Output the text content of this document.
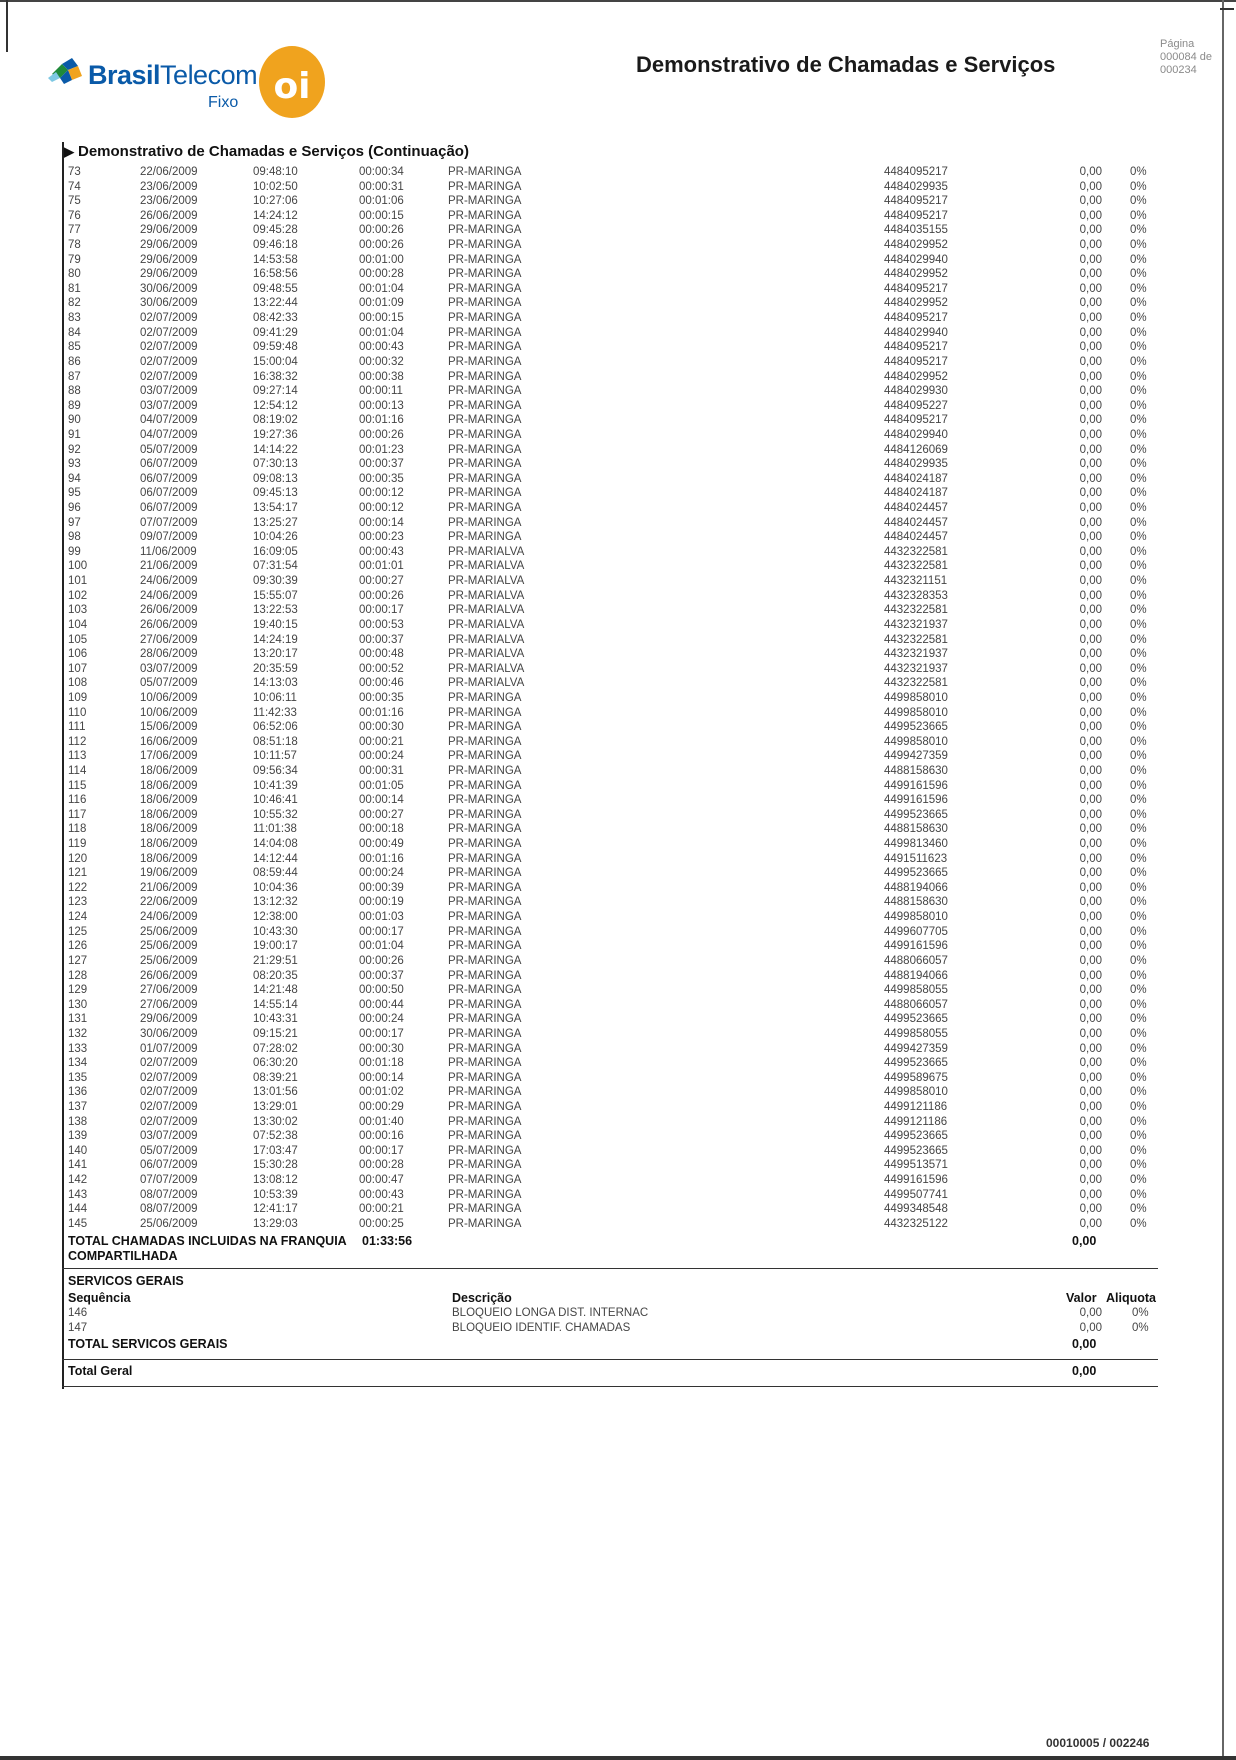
BrasilTelecom
Fixo oi
Demonstrativo de Chamadas e Serviços
Página
000084 de
000234
▶ Demonstrativo de Chamadas e Serviços (Continuação)
73	22/06/2009	09:48:10	00:00:34	PR-MARINGA	4484095217	0,00 0%
74	23/06/2009	10:02:50	00:00:31	PR-MARINGA	4484029935	0,00 0%
75	23/06/2009	10:27:06	00:01:06	PR-MARINGA	4484095217	0,00 0%
76	26/06/2009	14:24:12	00:00:15	PR-MARINGA	4484095217	0,00 0%
77	29/06/2009	09:45:28	00:00:26	PR-MARINGA	4484035155	0,00 0%
78	29/06/2009	09:46:18	00:00:26	PR-MARINGA	4484029952	0,00 0%
79	29/06/2009	14:53:58	00:01:00	PR-MARINGA	4484029940	0,00 0%
80	29/06/2009	16:58:56	00:00:28	PR-MARINGA	4484029952	0,00 0%
81	30/06/2009	09:48:55	00:01:04	PR-MARINGA	4484095217	0,00 0%
82	30/06/2009	13:22:44	00:01:09	PR-MARINGA	4484029952	0,00 0%
83	02/07/2009	08:42:33	00:00:15	PR-MARINGA	4484095217	0,00 0%
84	02/07/2009	09:41:29	00:01:04	PR-MARINGA	4484029940	0,00 0%
85	02/07/2009	09:59:48	00:00:43	PR-MARINGA	4484095217	0,00 0%
86	02/07/2009	15:00:04	00:00:32	PR-MARINGA	4484095217	0,00 0%
87	02/07/2009	16:38:32	00:00:38	PR-MARINGA	4484029952	0,00 0%
88	03/07/2009	09:27:14	00:00:11	PR-MARINGA	4484029930	0,00 0%
89	03/07/2009	12:54:12	00:00:13	PR-MARINGA	4484095227	0,00 0%
90	04/07/2009	08:19:02	00:01:16	PR-MARINGA	4484095217	0,00 0%
91	04/07/2009	19:27:36	00:00:26	PR-MARINGA	4484029940	0,00 0%
92	05/07/2009	14:14:22	00:01:23	PR-MARINGA	4484126069	0,00 0%
93	06/07/2009	07:30:13	00:00:37	PR-MARINGA	4484029935	0,00 0%
94	06/07/2009	09:08:13	00:00:35	PR-MARINGA	4484024187	0,00 0%
95	06/07/2009	09:45:13	00:00:12	PR-MARINGA	4484024187	0,00 0%
96	06/07/2009	13:54:17	00:00:12	PR-MARINGA	4484024457	0,00 0%
97	07/07/2009	13:25:27	00:00:14	PR-MARINGA	4484024457	0,00 0%
98	09/07/2009	10:04:26	00:00:23	PR-MARINGA	4484024457	0,00 0%
99	11/06/2009	16:09:05	00:00:43	PR-MARIALVA	4432322581	0,00 0%
100	21/06/2009	07:31:54	00:01:01	PR-MARIALVA	4432322581	0,00 0%
101	24/06/2009	09:30:39	00:00:27	PR-MARIALVA	4432321151	0,00 0%
102	24/06/2009	15:55:07	00:00:26	PR-MARIALVA	4432328353	0,00 0%
103	26/06/2009	13:22:53	00:00:17	PR-MARIALVA	4432322581	0,00 0%
104	26/06/2009	19:40:15	00:00:53	PR-MARIALVA	4432321937	0,00 0%
105	27/06/2009	14:24:19	00:00:37	PR-MARIALVA	4432322581	0,00 0%
106	28/06/2009	13:20:17	00:00:48	PR-MARIALVA	4432321937	0,00 0%
107	03/07/2009	20:35:59	00:00:52	PR-MARIALVA	4432321937	0,00 0%
108	05/07/2009	14:13:03	00:00:46	PR-MARIALVA	4432322581	0,00 0%
109	10/06/2009	10:06:11	00:00:35	PR-MARINGA	4499858010	0,00 0%
110	10/06/2009	11:42:33	00:01:16	PR-MARINGA	4499858010	0,00 0%
111	15/06/2009	06:52:06	00:00:30	PR-MARINGA	4499523665	0,00 0%
112	16/06/2009	08:51:18	00:00:21	PR-MARINGA	4499858010	0,00 0%
113	17/06/2009	10:11:57	00:00:24	PR-MARINGA	4499427359	0,00 0%
114	18/06/2009	09:56:34	00:00:31	PR-MARINGA	4488158630	0,00 0%
115	18/06/2009	10:41:39	00:01:05	PR-MARINGA	4499161596	0,00 0%
116	18/06/2009	10:46:41	00:00:14	PR-MARINGA	4499161596	0,00 0%
117	18/06/2009	10:55:32	00:00:27	PR-MARINGA	4499523665	0,00 0%
118	18/06/2009	11:01:38	00:00:18	PR-MARINGA	4488158630	0,00 0%
119	18/06/2009	14:04:08	00:00:49	PR-MARINGA	4499813460	0,00 0%
120	18/06/2009	14:12:44	00:01:16	PR-MARINGA	4491511623	0,00 0%
121	19/06/2009	08:59:44	00:00:24	PR-MARINGA	4499523665	0,00 0%
122	21/06/2009	10:04:36	00:00:39	PR-MARINGA	4488194066	0,00 0%
123	22/06/2009	13:12:32	00:00:19	PR-MARINGA	4488158630	0,00 0%
124	24/06/2009	12:38:00	00:01:03	PR-MARINGA	4499858010	0,00 0%
125	25/06/2009	10:43:30	00:00:17	PR-MARINGA	4499607705	0,00 0%
126	25/06/2009	19:00:17	00:01:04	PR-MARINGA	4499161596	0,00 0%
127	25/06/2009	21:29:51	00:00:26	PR-MARINGA	4488066057	0,00 0%
128	26/06/2009	08:20:35	00:00:37	PR-MARINGA	4488194066	0,00 0%
129	27/06/2009	14:21:48	00:00:50	PR-MARINGA	4499858055	0,00 0%
130	27/06/2009	14:55:14	00:00:44	PR-MARINGA	4488066057	0,00 0%
131	29/06/2009	10:43:31	00:00:24	PR-MARINGA	4499523665	0,00 0%
132	30/06/2009	09:15:21	00:00:17	PR-MARINGA	4499858055	0,00 0%
133	01/07/2009	07:28:02	00:00:30	PR-MARINGA	4499427359	0,00 0%
134	02/07/2009	06:30:20	00:01:18	PR-MARINGA	4499523665	0,00 0%
135	02/07/2009	08:39:21	00:00:14	PR-MARINGA	4499589675	0,00 0%
136	02/07/2009	13:01:56	00:01:02	PR-MARINGA	4499858010	0,00 0%
137	02/07/2009	13:29:01	00:00:29	PR-MARINGA	4499121186	0,00 0%
138	02/07/2009	13:30:02	00:01:40	PR-MARINGA	4499121186	0,00 0%
139	03/07/2009	07:52:38	00:00:16	PR-MARINGA	4499523665	0,00 0%
140	05/07/2009	17:03:47	00:00:17	PR-MARINGA	4499523665	0,00 0%
141	06/07/2009	15:30:28	00:00:28	PR-MARINGA	4499513571	0,00 0%
142	07/07/2009	13:08:12	00:00:47	PR-MARINGA	4499161596	0,00 0%
143	08/07/2009	10:53:39	00:00:43	PR-MARINGA	4499507741	0,00 0%
144	08/07/2009	12:41:17	00:00:21	PR-MARINGA	4499348548	0,00 0%
145	25/06/2009	13:29:03	00:00:25	PR-MARINGA	4432325122	0,00 0%
TOTAL CHAMADAS INCLUIDAS NA FRANQUIA COMPARTILHADA
01:33:56	0,00
SERVICOS GERAIS
Sequência	Descrição	Valor Aliquota
146	BLOQUEIO LONGA DIST. INTERNAC	0,00	0%
147	BLOQUEIO IDENTIF. CHAMADAS	0,00	0%
TOTAL SERVICOS GERAIS	0,00
Total Geral	0,00
00010005 / 002246
